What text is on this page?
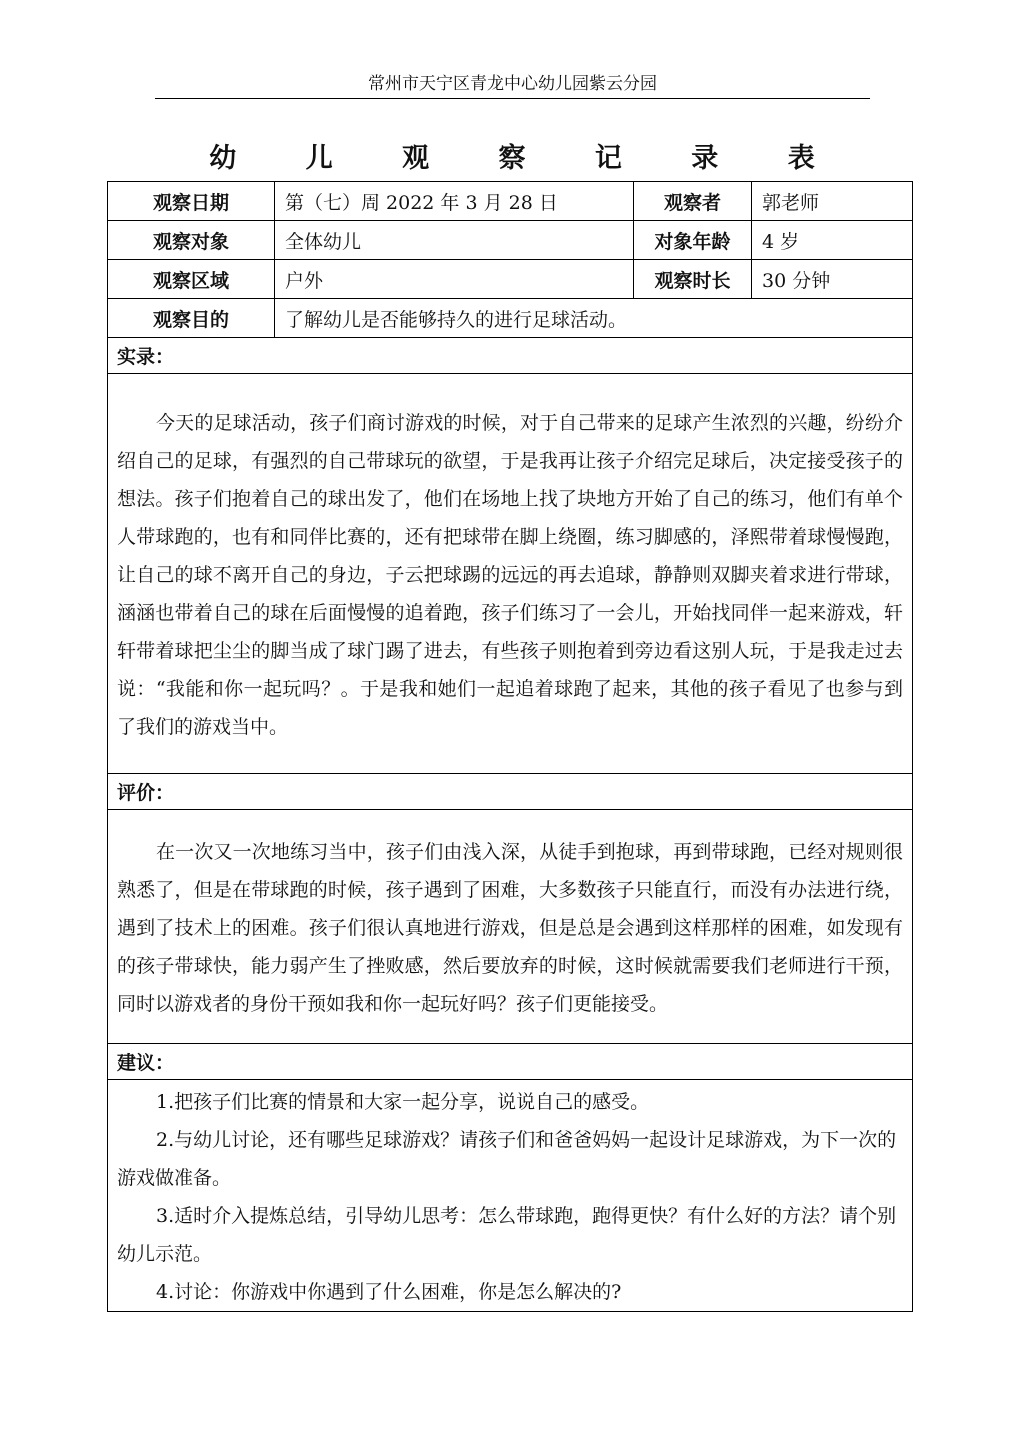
常州市天宁区青龙中心幼儿园紫云分园
幼 儿 观 察 记 录 表
观察日期	第（七）周 2022 年 3 月 28 日	观察者	郭老师
观察对象	全体幼儿	对象年龄	4 岁
观察区域	户外	观察时长	30 分钟
观察目的	了解幼儿是否能够持久的进行足球活动。		
实录：			

今天的足球活动，孩子们商讨游戏的时候，对于自己带来的足球产生浓烈的兴趣，纷纷介绍自己的足球，有强烈的自己带球玩的欲望，于是我再让孩子介绍完足球后，决定接受孩子的想法。孩子们抱着自己的球出发了，他们在场地上找了块地方开始了自己的练习，他们有单个人带球跑的，也有和同伴比赛的，还有把球带在脚上绕圈，练习脚感的，泽熙带着球慢慢跑，让自己的球不离开自己的身边，子云把球踢的远远的再去追球，静静则双脚夹着求进行带球，涵涵也带着自己的球在后面慢慢的追着跑，孩子们练习了一会儿，开始找同伴一起来游戏，轩轩带着球把尘尘的脚当成了球门踢了进去，有些孩子则抱着到旁边看这别人玩，于是我走过去说：“我能和你一起玩吗？。于是我和她们一起追着球跑了起来，其他的孩子看见了也参与到了我们的游戏当中。			

评价：			

在一次又一次地练习当中，孩子们由浅入深，从徒手到抱球，再到带球跑，已经对规则很熟悉了，但是在带球跑的时候，孩子遇到了困难，大多数孩子只能直行，而没有办法进行绕，遇到了技术上的困难。孩子们很认真地进行游戏，但是总是会遇到这样那样的困难，如发现有的孩子带球快，能力弱产生了挫败感，然后要放弃的时候，这时候就需要我们老师进行干预，同时以游戏者的身份干预如我和你一起玩好吗？孩子们更能接受。			

建议：			

1.把孩子们比赛的情景和大家一起分享，说说自己的感受。
2.与幼儿讨论，还有哪些足球游戏？请孩子们和爸爸妈妈一起设计足球游戏，为下一次的游戏做准备。
3.适时介入提炼总结，引导幼儿思考：怎么带球跑，跑得更快？有什么好的方法？请个别幼儿示范。
4.讨论：你游戏中你遇到了什么困难，你是怎么解决的?			
